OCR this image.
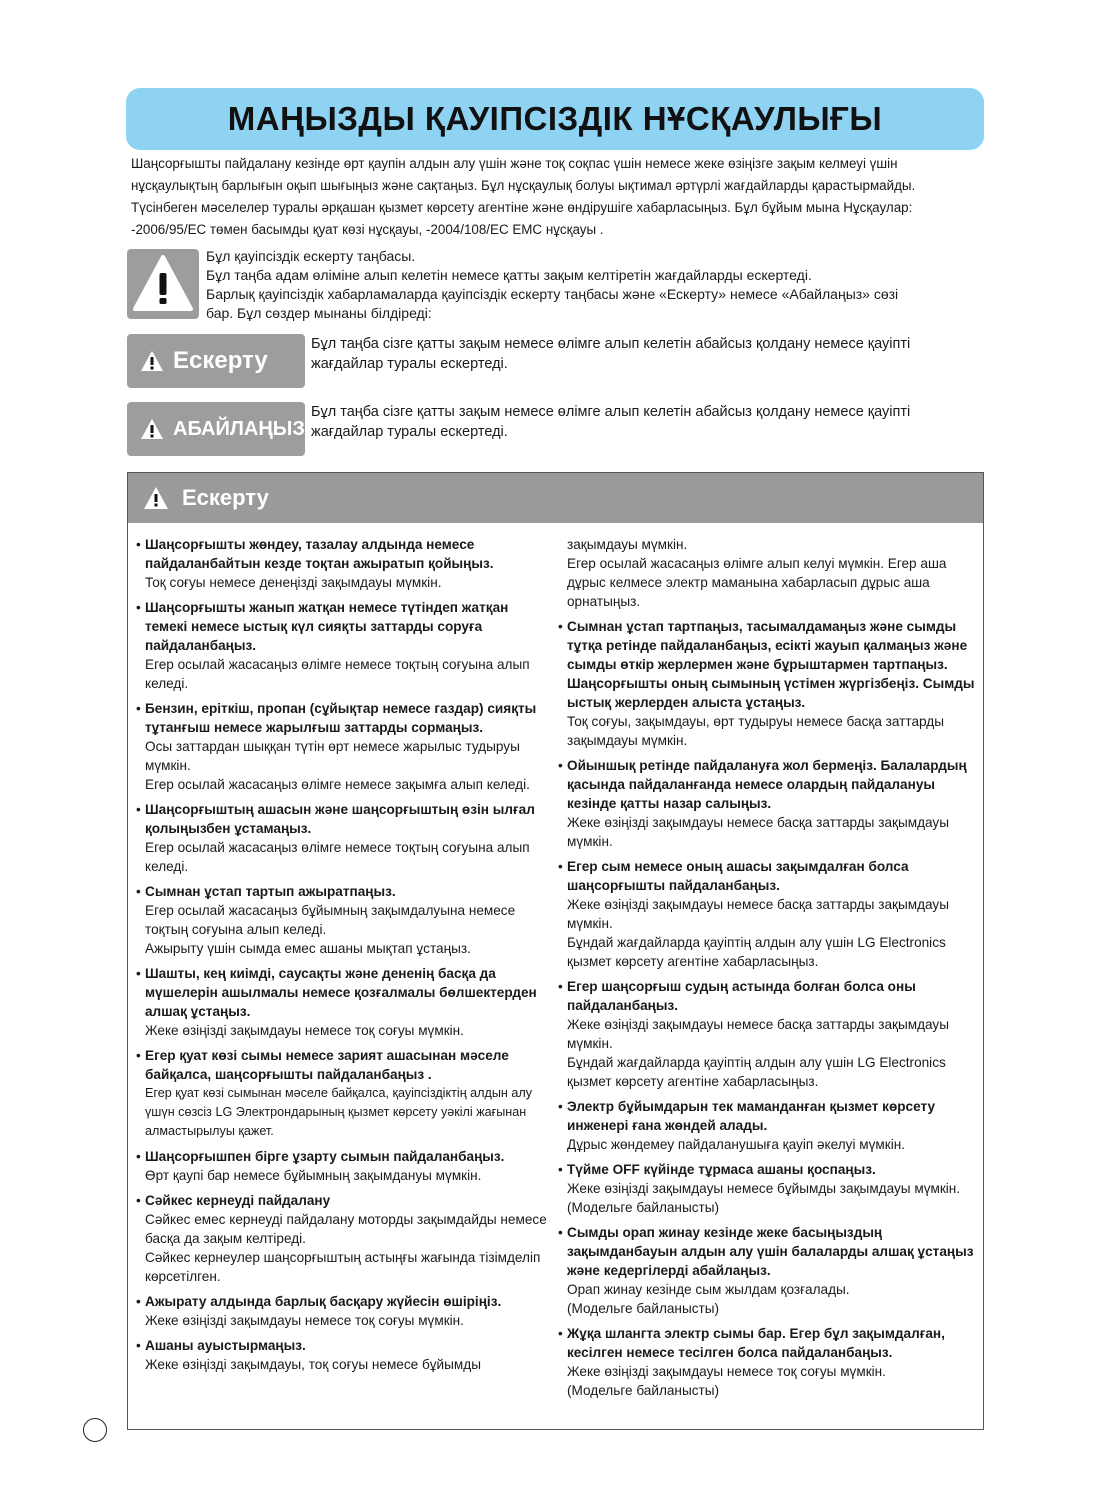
МАҢЫЗДЫ ҚАУІПСІЗДІК НҰСҚАУЛЫҒЫ

Шаңсорғышты пайдалану кезінде өрт қаупін алдын алу үшін және тоқ соқпас үшін немесе жеке өзіңізге зақым келмеуі үшін

нұсқаулықтың барлығын оқып шығыңыз және сақтаңыз. Бұл нұсқаулық болуы ықтимал әртүрлі жағдайларды қарастырмайды.

Түсінбеген мәселелер туралы әрқашан қызмет көрсету агентіне және өндірушіге хабарласыңыз. Бұл бұйым мына Нұсқаулар:

-2006/95/EC төмен басымды қуат көзі нұсқауы, -2004/108/EC EMC нұсқауы .

Бұл қауіпсіздік ескерту таңбасы.

Бұл таңба адам өліміне алып келетін немесе қатты зақым келтіретін жағдайларды ескертеді.

Барлық қауіпсіздік хабарламаларда қауіпсіздік ескерту таңбасы және «Ескерту» немесе «Абайлаңыз» сөзі

бар. Бұл сөздер мынаны білдіреді:

Ескерту
Бұл таңба сізге қатты зақым немесе өлімге алып келетін абайсыз қолдану немесе қауіпті жағдайлар туралы ескертеді.
АБАЙЛАҢЫЗ
Бұл таңба сізге қатты зақым немесе өлімге алып келетін абайсыз қолдану немесе қауіпті жағдайлар туралы ескертеді.
Ескерту
• Шаңсорғышты жөндеу, тазалау алдында немесе пайдаланбайтын кезде тоқтан ажыратып қойыңыз.

Тоқ соғуы немесе денеңізді зақымдауы мүмкін.

• Шаңсорғышты жанып жатқан немесе түтіндеп жатқан темекі немесе ыстық күл сияқты заттарды соруға пайдаланбаңыз.

Егер осылай жасасаңыз өлімге немесе тоқтың соғуына алып келеді.

• Бензин, еріткіш, пропан (сұйықтар немесе газдар) сияқты тұтанғыш немесе жарылғыш заттарды сормаңыз.

Осы заттардан шыққан түтін өрт немесе жарылыс тудыруы мүмкін.

Егер осылай жасасаңыз өлімге немесе зақымға алып келеді.

• Шаңсорғыштың ашасын және шаңсорғыштың өзін ылғал қолыңызбен ұстамаңыз.

Егер осылай жасасаңыз өлімге немесе тоқтың соғуына алып келеді.

• Сымнан ұстап тартып ажыратпаңыз.

Егер осылай жасасаңыз бұйымның зақымдалуына немесе тоқтың соғуына алып келеді.

Ажырыту үшін сымда емес ашаны мықтап ұстаңыз.

• Шашты, кең киімді, саусақты және дененің басқа да мүшелерін ашылмалы немесе қозғалмалы бөлшектерден алшақ ұстаңыз.

Жеке өзіңізді зақымдауы немесе тоқ соғуы мүмкін.

• Егер қуат көзі сымы немесе зарият ашасынан мәселе байқалса, шаңсорғышты пайдаланбаңыз .

Егер қуат көзі сымынан мәселе байқалса, қауіпсіздіктің алдын алу үшүн сөзсіз LG Электрондарының қызмет көрсету уәкілі жағынан алмастырылуы қажет.

• Шаңсорғышпен бірге ұзарту сымын пайдаланбаңыз.

Өрт қаупі бар немесе бұйымның зақымдануы мүмкін.

• Сәйкес кернеуді пайдалану

Сәйкес емес кернеуді пайдалану моторды зақымдайды немесе басқа да зақым келтіреді.

Сәйкес кернеулер шаңсорғыштың астыңғы жағында тізімделіп көрсетілген.

• Ажырату алдында барлық басқару жүйесін өшіріңіз.

Жеке өзіңізді зақымдауы немесе тоқ соғуы мүмкін.

• Ашаны ауыстырмаңыз.

Жеке өзіңізді зақымдауы, тоқ соғуы немесе бұйымды

зақымдауы мүмкін.

Егер осылай жасасаңыз өлімге алып келуі мүмкін. Егер аша дұрыс келмесе электр маманына хабарласып дұрыс аша орнатыңыз.

• Сымнан ұстап тартпаңыз, тасымалдамаңыз және сымды тұтқа ретінде пайдаланбаңыз, есікті жауып қалмаңыз және сымды өткір жерлермен және бұрыштармен тартпаңыз. Шаңсорғышты оның сымының үстімен жүргізбеңіз. Сымды ыстық жерлерден алыста ұстаңыз.

Тоқ соғуы, зақымдауы, өрт тудыруы немесе басқа заттарды зақымдауы мүмкін.

• Ойыншық ретінде пайдалануға жол бермеңіз. Балалардың қасында пайдаланғанда немесе олардың пайдалануы кезінде қатты назар салыңыз.

Жеке өзіңізді зақымдауы немесе басқа заттарды зақымдауы мүмкін.

• Егер сым немесе оның ашасы зақымдалған болса шаңсорғышты пайдаланбаңыз.

Жеке өзіңізді зақымдауы немесе басқа заттарды зақымдауы мүмкін.

Бұндай жағдайларда қауіптің алдын алу үшін LG Electronics қызмет көрсету агентіне хабарласыңыз.

• Егер шаңсорғыш судың астында болған болса оны пайдаланбаңыз.

Жеке өзіңізді зақымдауы немесе басқа заттарды зақымдауы мүмкін.

Бұндай жағдайларда қауіптің алдын алу үшін LG Electronics қызмет көрсету агентіне хабарласыңыз.

• Электр бұйымдарын тек маманданған қызмет көрсету инженері ғана жөндей алады.

Дұрыс жөндемеу пайдаланушыға қауіп әкелуі мүмкін.

• Түйме OFF күйінде тұрмаса ашаны қоспаңыз.

Жеке өзіңізді зақымдауы немесе бұйымды зақымдауы мүмкін. (Модельге байланысты)

• Сымды орап жинау кезінде жеке басыңыздың зақымданбауын алдын алу үшін балаларды алшақ ұстаңыз және кедергілерді абайлаңыз.

Орап жинау кезінде сым жылдам қозғалады.

(Модельге байланысты)

• Жұқа шлангта электр сымы бар. Егер бұл зақымдалған, кесілген немесе тесілген болса пайдаланбаңыз.

Жеке өзіңізді зақымдауы немесе тоқ соғуы мүмкін.

(Модельге байланысты)
